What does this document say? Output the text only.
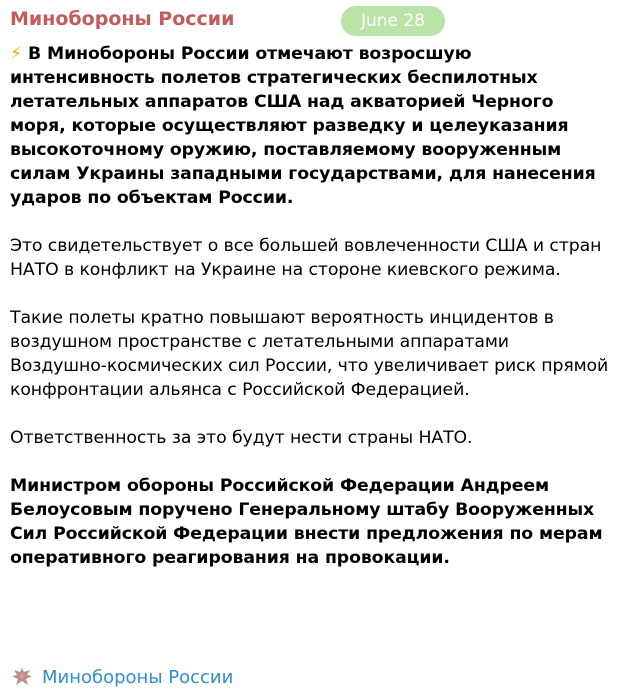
Минобороны России	June 28

⚡ В Минобороны России отмечают возросшую интенсивность полетов стратегических беспилотных летательных аппаратов США над акваторией Черного моря, которые осуществляют разведку и целеуказания высокоточному оружию, поставляемому вооруженным силам Украины западными государствами, для нанесения ударов по объектам России.

Это свидетельствует о все большей вовлеченности США и стран НАТО в конфликт на Украине на стороне киевского режима.

Такие полеты кратно повышают вероятность инцидентов в воздушном пространстве с летательными аппаратами Воздушно-космических сил России, что увеличивает риск прямой конфронтации альянса с Российской Федерацией.

Ответственность за это будут нести страны НАТО.

Министром обороны Российской Федерации Андреем Белоусовым поручено Генеральному штабу Вооруженных Сил Российской Федерации внести предложения по мерам оперативного реагирования на провокации.

Минобороны России
